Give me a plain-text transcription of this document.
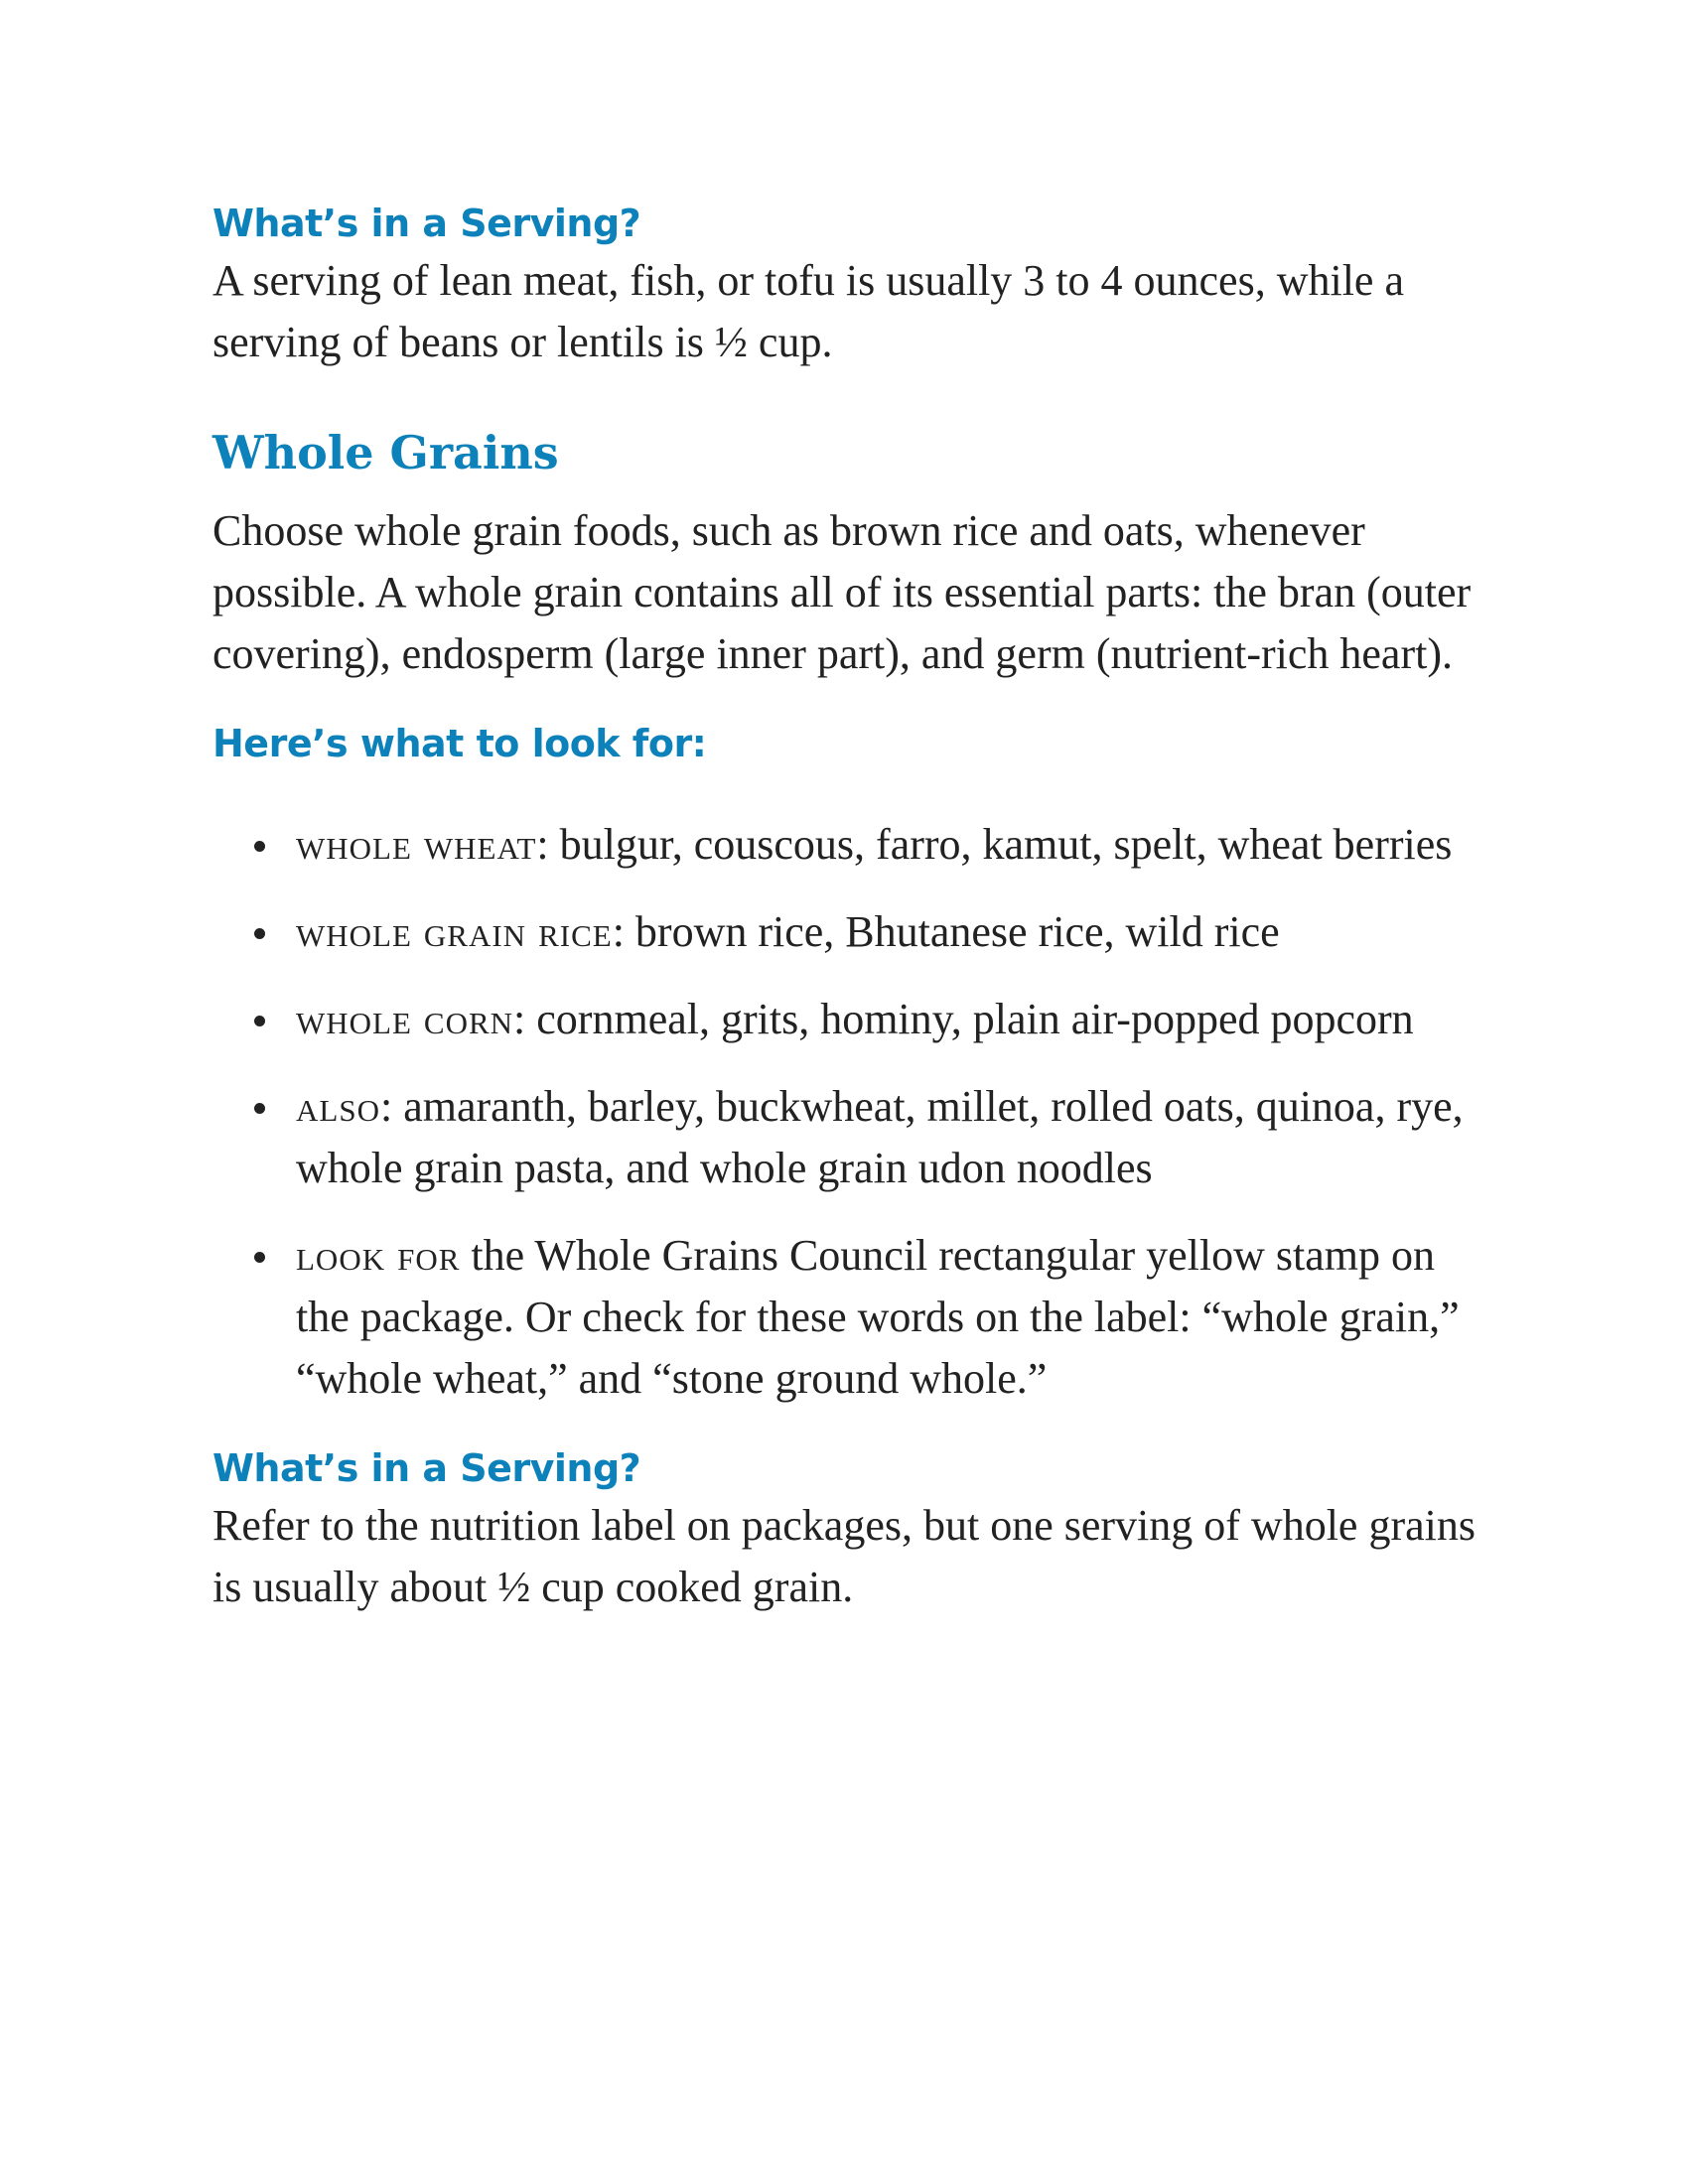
What’s in a Serving?

A serving of lean meat, fish, or tofu is usually 3 to 4 ounces, while a serving of beans or lentils is ½ cup.

Whole Grains

Choose whole grain foods, such as brown rice and oats, whenever possible. A whole grain contains all of its essential parts: the bran (outer covering), endosperm (large inner part), and germ (nutrient-rich heart).

Here’s what to look for:
whole wheat: bulgur, couscous, farro, kamut, spelt, wheat berries
whole grain rice: brown rice, Bhutanese rice, wild rice
whole corn: cornmeal, grits, hominy, plain air-popped popcorn
also: amaranth, barley, buckwheat, millet, rolled oats, quinoa, rye, whole grain pasta, and whole grain udon noodles
look for the Whole Grains Council rectangular yellow stamp on the package. Or check for these words on the label: “whole grain,” “whole wheat,” and “stone ground whole.”
What’s in a Serving?

Refer to the nutrition label on packages, but one serving of whole grains is usually about ½ cup cooked grain.
